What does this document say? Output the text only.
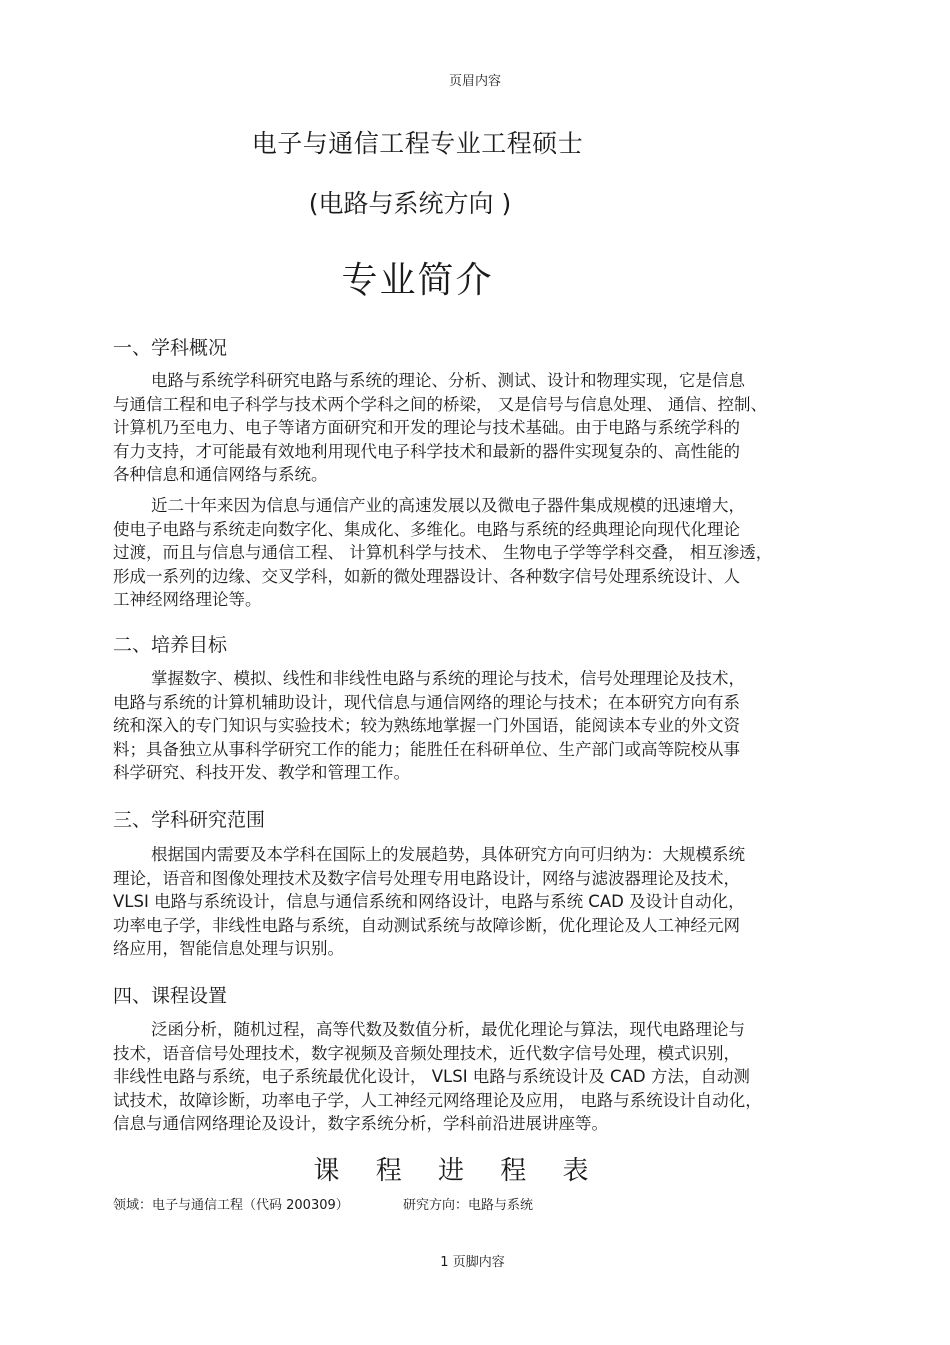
页眉内容
电子与通信工程专业工程硕士
(电路与系统方向 )
专业简介
一、学科概况
电路与系统学科研究电路与系统的理论、分析、测试、设计和物理实现，它是信息
与通信工程和电子科学与技术两个学科之间的桥梁， 又是信号与信息处理、 通信、控制、
计算机乃至电力、电子等诸方面研究和开发的理论与技术基础。由于电路与系统学科的
有力支持，才可能最有效地利用现代电子科学技术和最新的器件实现复杂的、高性能的
各种信息和通信网络与系统。
近二十年来因为信息与通信产业的高速发展以及微电子器件集成规模的迅速增大，
使电子电路与系统走向数字化、集成化、多维化。电路与系统的经典理论向现代化理论
过渡，而且与信息与通信工程、 计算机科学与技术、 生物电子学等学科交叠， 相互渗透，
形成一系列的边缘、交叉学科，如新的微处理器设计、各种数字信号处理系统设计、人
工神经网络理论等。
二、培养目标
掌握数字、模拟、线性和非线性电路与系统的理论与技术，信号处理理论及技术，
电路与系统的计算机辅助设计，现代信息与通信网络的理论与技术；在本研究方向有系
统和深入的专门知识与实验技术；较为熟练地掌握一门外国语，能阅读本专业的外文资
料；具备独立从事科学研究工作的能力；能胜任在科研单位、生产部门或高等院校从事
科学研究、科技开发、教学和管理工作。
三、学科研究范围
根据国内需要及本学科在国际上的发展趋势，具体研究方向可归纳为：大规模系统
理论，语音和图像处理技术及数字信号处理专用电路设计，网络与滤波器理论及技术，
VLSI 电路与系统设计，信息与通信系统和网络设计，电路与系统 CAD 及设计自动化，
功率电子学，非线性电路与系统，自动测试系统与故障诊断，优化理论及人工神经元网
络应用，智能信息处理与识别。
四、课程设置
泛函分析，随机过程，高等代数及数值分析，最优化理论与算法，现代电路理论与
技术，语音信号处理技术，数字视频及音频处理技术，近代数字信号处理，模式识别，
非线性电路与系统，电子系统最优化设计， VLSI 电路与系统设计及 CAD 方法，自动测
试技术，故障诊断，功率电子学，人工神经元网络理论及应用， 电路与系统设计自动化，
信息与通信网络理论及设计，数字系统分析，学科前沿进展讲座等。
课 程 进 程 表
领域：电子与通信工程（代码 200309）	研究方向：电路与系统
1 页脚内容
